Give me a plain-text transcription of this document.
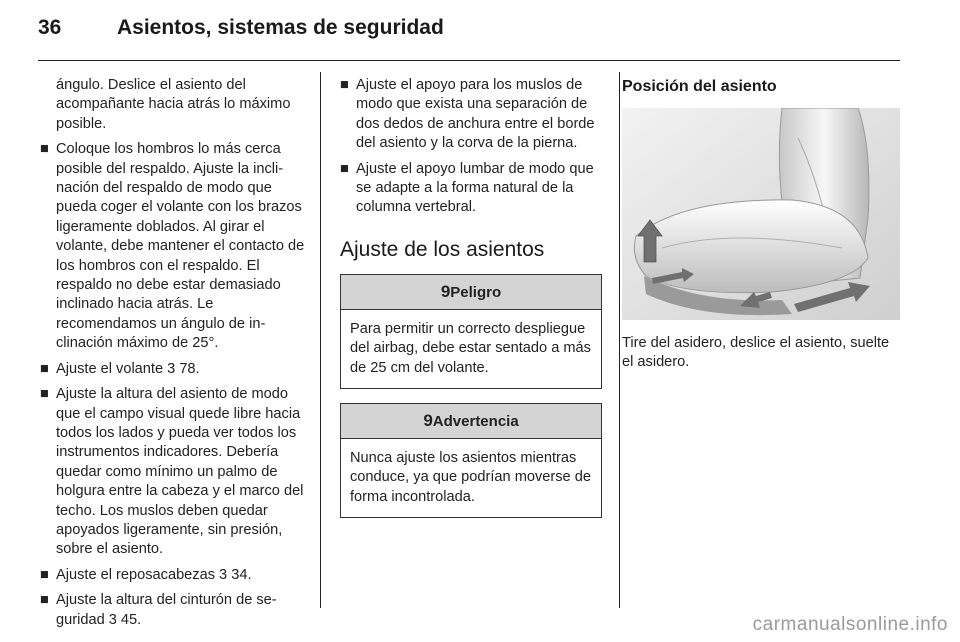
36	Asientos, sistemas de seguridad

ángulo. Deslice el asiento del acompañante hacia atrás lo máximo posible.

■ Coloque los hombros lo más cerca posible del respaldo. Ajuste la inclinación del respaldo de modo que pueda coger el volante con los brazos ligeramente doblados. Al girar el volante, debe mantener el contacto de los hombros con el respaldo. El respaldo no debe estar demasiado inclinado hacia atrás. Le recomendamos un ángulo de inclinación máximo de 25°.
■ Ajuste el volante 3 78.
■ Ajuste la altura del asiento de modo que el campo visual quede libre hacia todos los lados y pueda ver todos los instrumentos indicadores. Debería quedar como mínimo un palmo de holgura entre la cabeza y el marco del techo. Los muslos deben quedar apoyados ligeramente, sin presión, sobre el asiento.
■ Ajuste el reposacabezas 3 34.
■ Ajuste la altura del cinturón de seguridad 3 45.
■ Ajuste el apoyo para los muslos de modo que exista una separación de dos dedos de anchura entre el borde del asiento y la corva de la pierna.
■ Ajuste el apoyo lumbar de modo que se adapte a la forma natural de la columna vertebral.
Ajuste de los asientos
9Peligro
Para permitir un correcto despliegue del airbag, debe estar sentado a más de 25 cm del volante.
9Advertencia
Nunca ajuste los asientos mientras conduce, ya que podrían moverse de forma incontrolada.
Posición del asiento

Tire del asidero, deslice el asiento, suelte el asidero.

carmanualsonline.info
